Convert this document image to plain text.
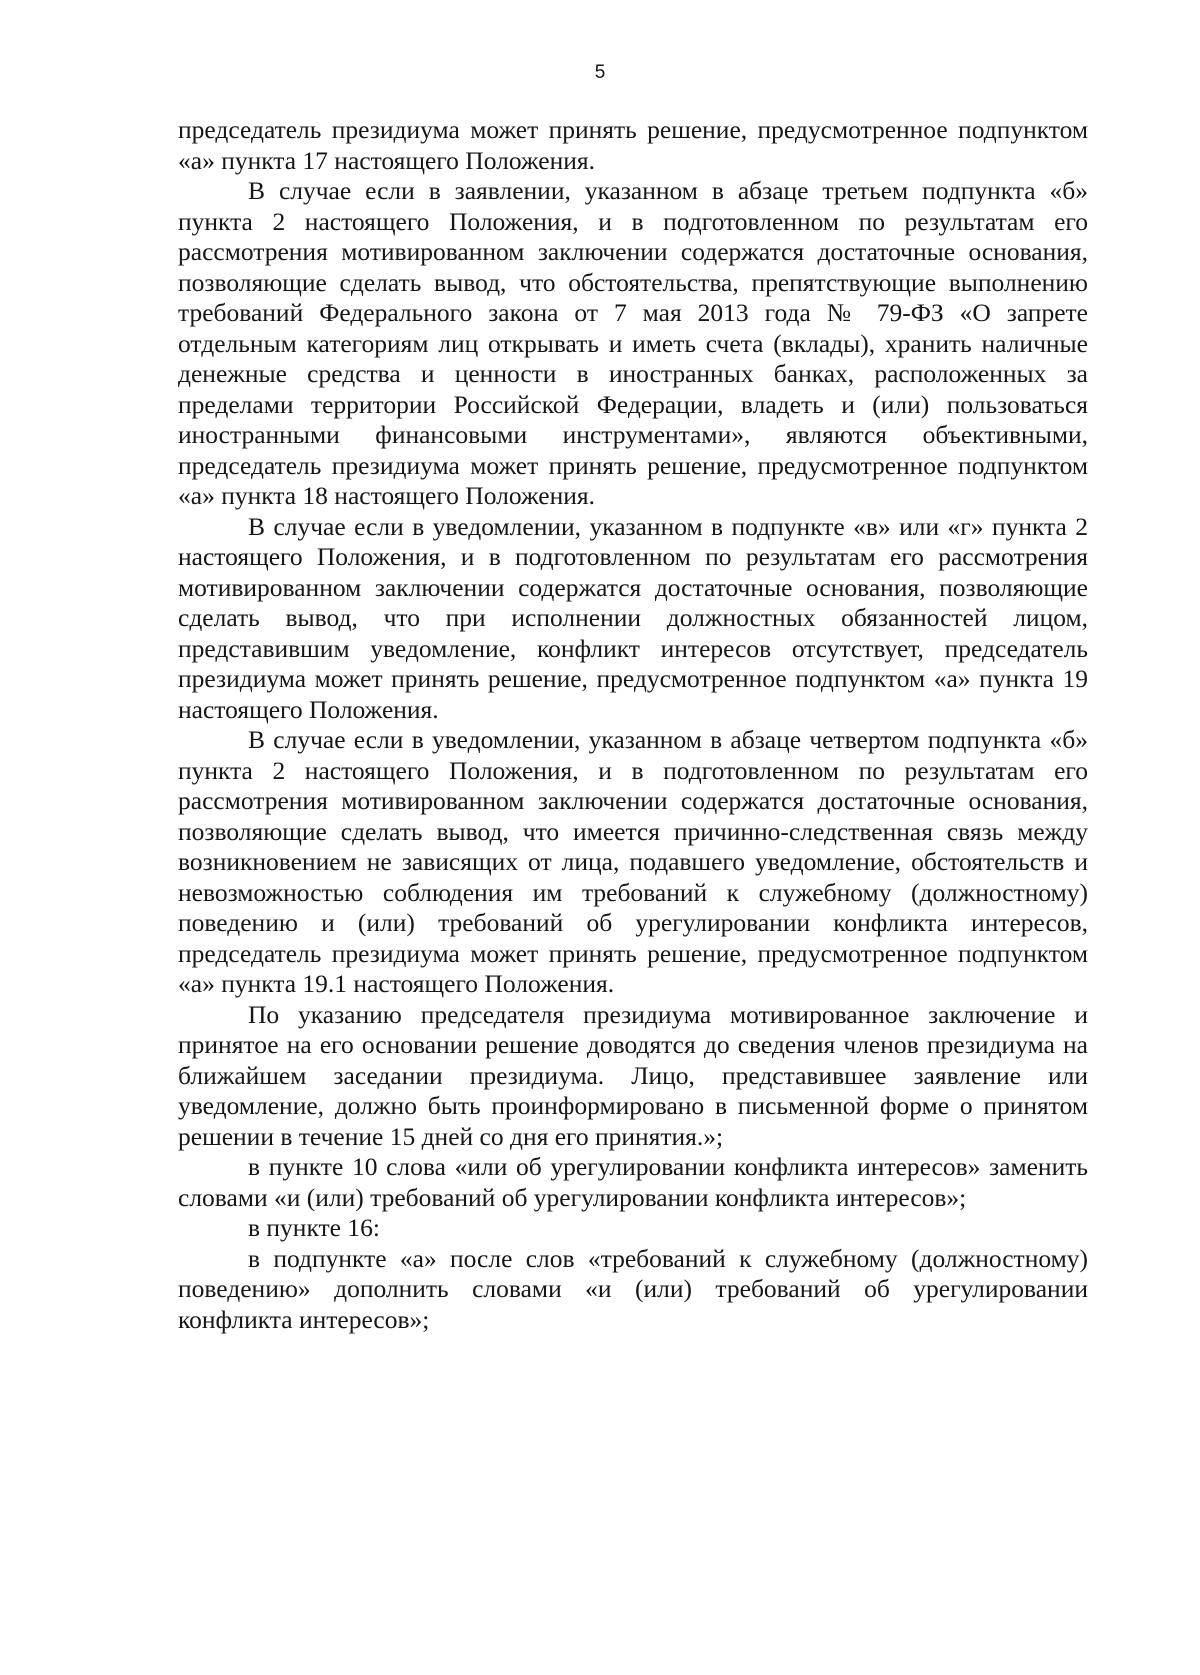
5

председатель президиума может принять решение, предусмотренное подпунктом «а» пункта 17 настоящего Положения.

В случае если в заявлении, указанном в абзаце третьем подпункта «б» пункта 2 настоящего Положения, и в подготовленном по результатам его рассмотрения мотивированном заключении содержатся достаточные основания, позволяющие сделать вывод, что обстоятельства, препятствующие выполнению требований Федерального закона от 7 мая 2013 года № 79-ФЗ «О запрете отдельным категориям лиц открывать и иметь счета (вклады), хранить наличные денежные средства и ценности в иностранных банках, расположенных за пределами территории Российской Федерации, владеть и (или) пользоваться иностранными финансовыми инструментами», являются объективными, председатель президиума может принять решение, предусмотренное подпунктом «а» пункта 18 настоящего Положения.

В случае если в уведомлении, указанном в подпункте «в» или «г» пункта 2 настоящего Положения, и в подготовленном по результатам его рассмотрения мотивированном заключении содержатся достаточные основания, позволяющие сделать вывод, что при исполнении должностных обязанностей лицом, представившим уведомление, конфликт интересов отсутствует, председатель президиума может принять решение, предусмотренное подпунктом «а» пункта 19 настоящего Положения.

В случае если в уведомлении, указанном в абзаце четвертом подпункта «б» пункта 2 настоящего Положения, и в подготовленном по результатам его рассмотрения мотивированном заключении содержатся достаточные основания, позволяющие сделать вывод, что имеется причинно-следственная связь между возникновением не зависящих от лица, подавшего уведомление, обстоятельств и невозможностью соблюдения им требований к служебному (должностному) поведению и (или) требований об урегулировании конфликта интересов, председатель президиума может принять решение, предусмотренное подпунктом «а» пункта 19.1 настоящего Положения.

По указанию председателя президиума мотивированное заключение и принятое на его основании решение доводятся до сведения членов президиума на ближайшем заседании президиума. Лицо, представившее заявление или уведомление, должно быть проинформировано в письменной форме о принятом решении в течение 15 дней со дня его принятия.»;

в пункте 10 слова «или об урегулировании конфликта интересов» заменить словами «и (или) требований об урегулировании конфликта интересов»;

в пункте 16:

в подпункте «а» после слов «требований к служебному (должностному) поведению» дополнить словами «и (или) требований об урегулировании конфликта интересов»;
